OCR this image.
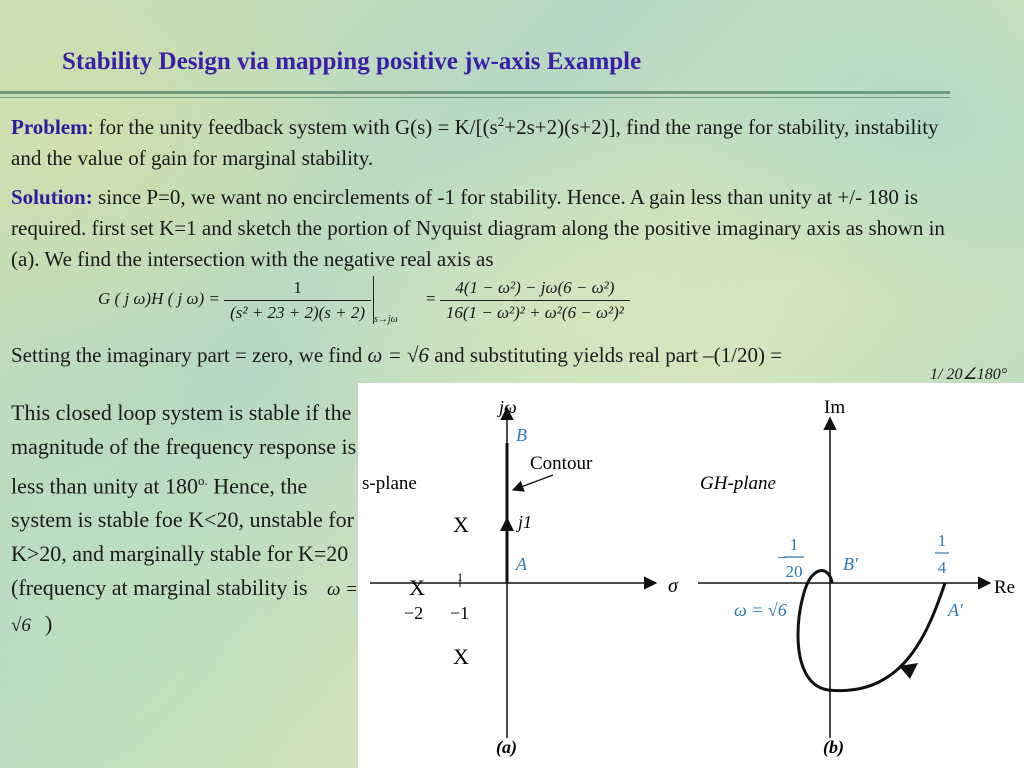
Stability Design via mapping positive jw-axis Example
Problem: for the unity feedback system with $G(s) = K/[(s^2+2s+2)(s+2)]$, find the range for stability, instability and the value of gain for marginal stability.
Solution: since P=0, we want no encirclements of -1 for stability. Hence. A gain less than unity at +/- 180 is required. first set K=1 and sketch the portion of Nyquist diagram along the positive imaginary axis as shown in (a). We find the intersection with the negative real axis as
G ( j ω)H ( j $\omega) = \frac{1}{\text{(s² + 23 + 2)(s + 2)}} _{s\to j\omega} = \frac{\text{4(1 − ω²) − jω(6 − ω²)}}{\text{16(1 − ω²)² + ω²(6 − ω²)²}}$
Setting the imaginary part = zero, we find ω = √6 and substituting yields real part –(1/20) =
1/ 20∠180°
This closed loop system is stable if the magnitude of the frequency response is less than unity at $180^{o.}$ Hence, the system is stable foe K<20, unstable for K>20, and marginally stable for K=20 (frequency at marginal stability is ω = √6 )
jω
B
Contour
s-plane
j1
A
1	σ
−2 −1
X
X
X
(a)
Im
GH-plane
−
1
20 B′
1
4
Re
ω = √6	A′
(b)
